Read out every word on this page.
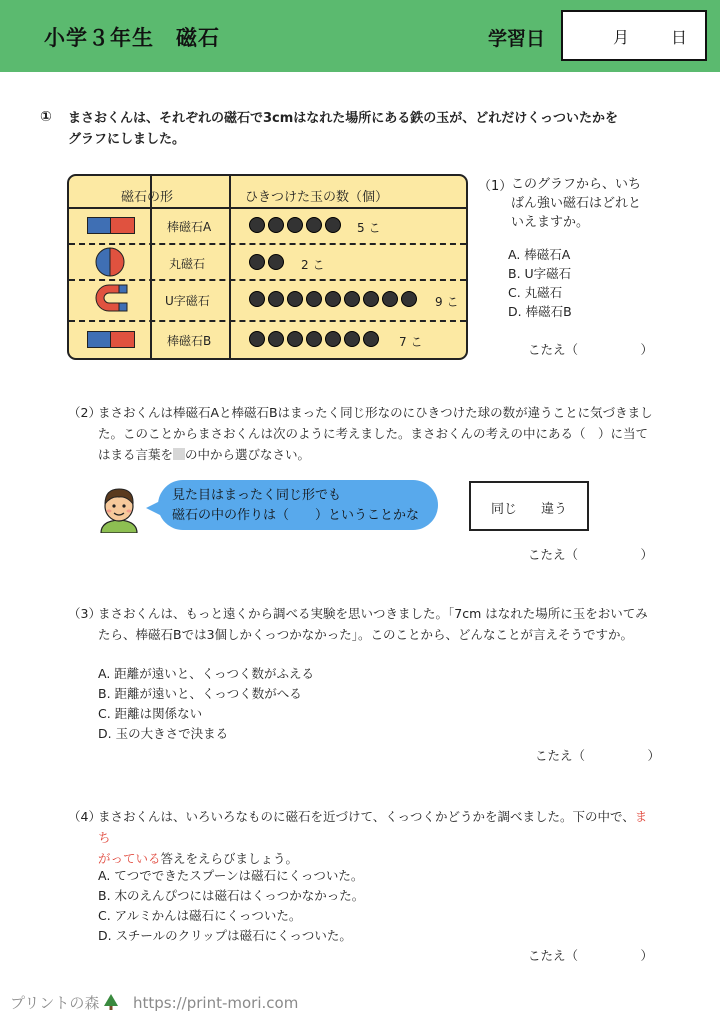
小学３年生　磁石	学習日	月	日
① まさおくんは、それぞれの磁石で3cmはなれた場所にある鉄の玉が、どれだけくっついたかを
グラフにしました。
磁石の形	ひきつけた玉の数（個）
棒磁石A	5 こ
丸磁石	2 こ
U字磁石	9 こ
棒磁石B	7 こ
（1）
このグラフから、いち
ばん強い磁石はどれと
いえますか。
A. 棒磁石A
B. U字磁石
C. 丸磁石
D. 棒磁石B
こたえ（　　　　　）
（2）
まさおくんは棒磁石Aと棒磁石Bはまったく同じ形なのにひきつけた球の数が違うことに気づきまし
た。このことからまさおくんは次のように考えました。まさおくんの考えの中にある（　）に当て
はまる言葉を の中から選びなさい。
見た目はまったく同じ形でも
磁石の中の作りは（　　）ということかな	同じ 違う
こたえ（　　　　　）
（3）
まさおくんは、もっと遠くから調べる実験を思いつきました。「7cm はなれた場所に玉をおいてみ
たら、棒磁石Bでは3個しかくっつかなかった」。このことから、どんなことが言えそうですか。
A. 距離が遠いと、くっつく数がふえる
B. 距離が遠いと、くっつく数がへる
C. 距離は関係ない
D. 玉の大きさで決まる
こたえ（　　　　　）
（4）
まさおくんは、いろいろなものに磁石を近づけて、くっつくかどうかを調べました。下の中で、まち
がっている答えをえらびましょう。
A. てつでできたスプーンは磁石にくっついた。
B. 木のえんぴつには磁石はくっつかなかった。
C. アルミかんは磁石にくっついた。
D. スチールのクリップは磁石にくっついた。
こたえ（　　　　　）
プリントの森 https://print-mori.com
